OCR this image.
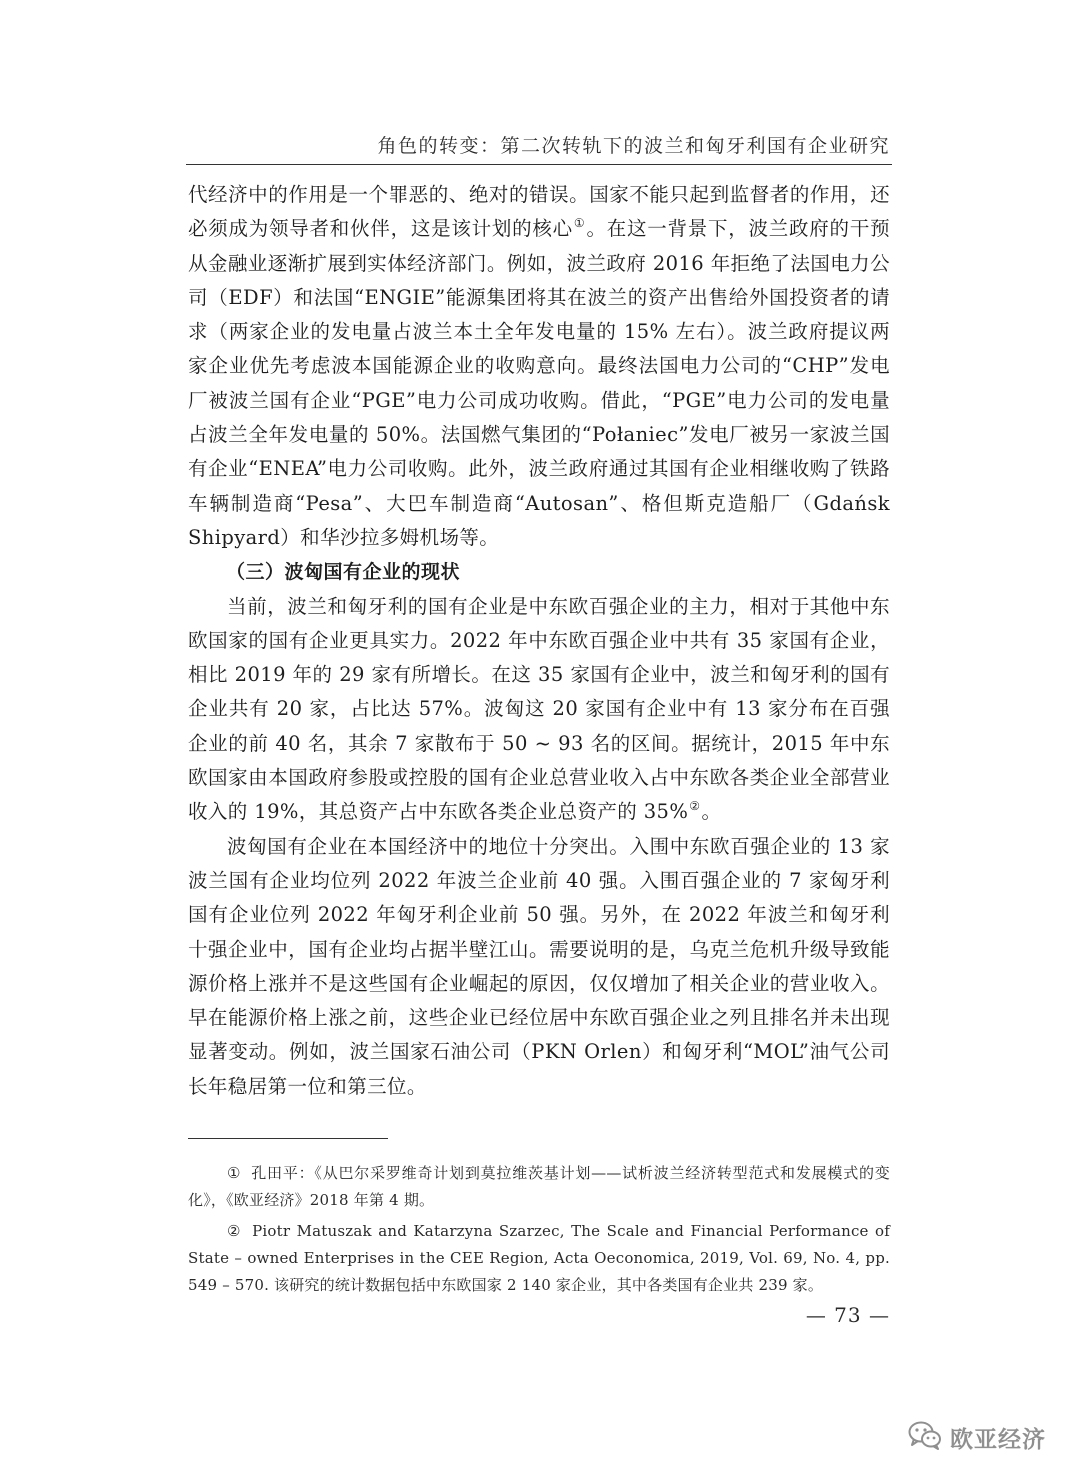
角色的转变：第二次转轨下的波兰和匈牙利国有企业研究

代经济中的作用是一个罪恶的、绝对的错误。国家不能只起到监督者的作用，还必须成为领导者和伙伴，这是该计划的核心①。在这一背景下，波兰政府的干预从金融业逐渐扩展到实体经济部门。例如，波兰政府 2016 年拒绝了法国电力公司（EDF）和法国“ENGIE”能源集团将其在波兰的资产出售给外国投资者的请求（两家企业的发电量占波兰本土全年发电量的 15% 左右）。波兰政府提议两家企业优先考虑波本国能源企业的收购意向。最终法国电力公司的“CHP”发电厂被波兰国有企业“PGE”电力公司成功收购。借此，“PGE”电力公司的发电量占波兰全年发电量的 50%。法国燃气集团的“Połaniec”发电厂被另一家波兰国有企业“ENEA”电力公司收购。此外，波兰政府通过其国有企业相继收购了铁路车辆制造商“Pesa”、大巴车制造商“Autosan”、格但斯克造船厂（Gdańsk Shipyard）和华沙拉多姆机场等。

（三）波匈国有企业的现状

当前，波兰和匈牙利的国有企业是中东欧百强企业的主力，相对于其他中东欧国家的国有企业更具实力。2022 年中东欧百强企业中共有 35 家国有企业，相比 2019 年的 29 家有所增长。在这 35 家国有企业中，波兰和匈牙利的国有企业共有 20 家，占比达 57%。波匈这 20 家国有企业中有 13 家分布在百强企业的前 40 名，其余 7 家散布于 50 ~ 93 名的区间。据统计，2015 年中东欧国家由本国政府参股或控股的国有企业总营业收入占中东欧各类企业全部营业收入的 19%，其总资产占中东欧各类企业总资产的 35%②。

波匈国有企业在本国经济中的地位十分突出。入围中东欧百强企业的 13 家波兰国有企业均位列 2022 年波兰企业前 40 强。入围百强企业的 7 家匈牙利国有企业位列 2022 年匈牙利企业前 50 强。另外，在 2022 年波兰和匈牙利十强企业中，国有企业均占据半壁江山。需要说明的是，乌克兰危机升级导致能源价格上涨并不是这些国有企业崛起的原因，仅仅增加了相关企业的营业收入。早在能源价格上涨之前，这些企业已经位居中东欧百强企业之列且排名并未出现显著变动。例如，波兰国家石油公司（PKN Orlen）和匈牙利“MOL”油气公司长年稳居第一位和第三位。

① 孔田平：《从巴尔采罗维奇计划到莫拉维茨基计划——试析波兰经济转型范式和发展模式的变化》，《欧亚经济》2018 年第 4 期。

② Piotr Matuszak and Katarzyna Szarzec, The Scale and Financial Performance of State – owned Enterprises in the CEE Region, Acta Oeconomica, 2019, Vol. 69, No. 4, pp. 549 – 570. 该研究的统计数据包括中东欧国家 2 140 家企业，其中各类国有企业共 239 家。

— 73 —
欧亚经济
